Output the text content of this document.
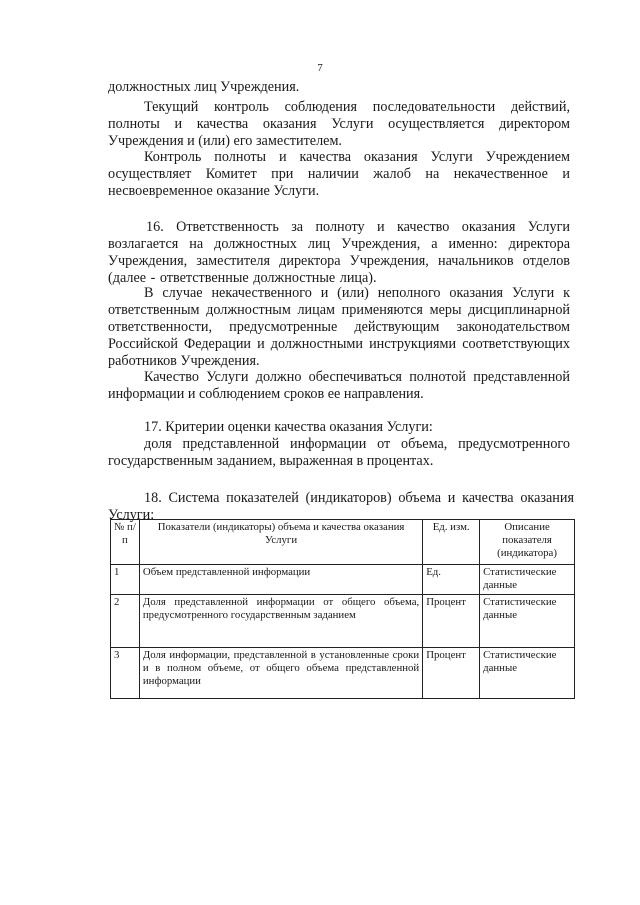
7
должностных лиц Учреждения.
Текущий контроль соблюдения последовательности действий, полноты и качества оказания Услуги осуществляется директором Учреждения и (или) его заместителем.
Контроль полноты и качества оказания Услуги Учреждением осуществляет Комитет при наличии жалоб на некачественное и несвоевременное оказание Услуги.
16. Ответственность за полноту и качество оказания Услуги возлагается на должностных лиц Учреждения, а именно: директора Учреждения, заместителя директора Учреждения, начальников отделов (далее - ответственные должностные лица).
В случае некачественного и (или) неполного оказания Услуги к ответственным должностным лицам применяются меры дисциплинарной ответственности, предусмотренные действующим законодательством Российской Федерации и должностными инструкциями соответствующих работников Учреждения.
Качество Услуги должно обеспечиваться полнотой представленной информации и соблюдением сроков ее направления.
17. Критерии оценки качества оказания Услуги:
доля представленной информации от объема, предусмотренного государственным заданием, выраженная в процентах.
18. Система показателей (индикаторов) объема и качества оказания Услуги:
№ п/п	Показатели (индикаторы) объема и качества оказания Услуги	Ед. изм.	Описание показателя (индикатора)
1	Объем представленной информации	Ед.	Статистические данные
2	Доля представленной информации от общего объема, предусмотренного государственным заданием	Процент	Статистические данные
3	Доля информации, представленной в установленные сроки и в полном объеме, от общего объема представленной информации	Процент	Статистические данные
